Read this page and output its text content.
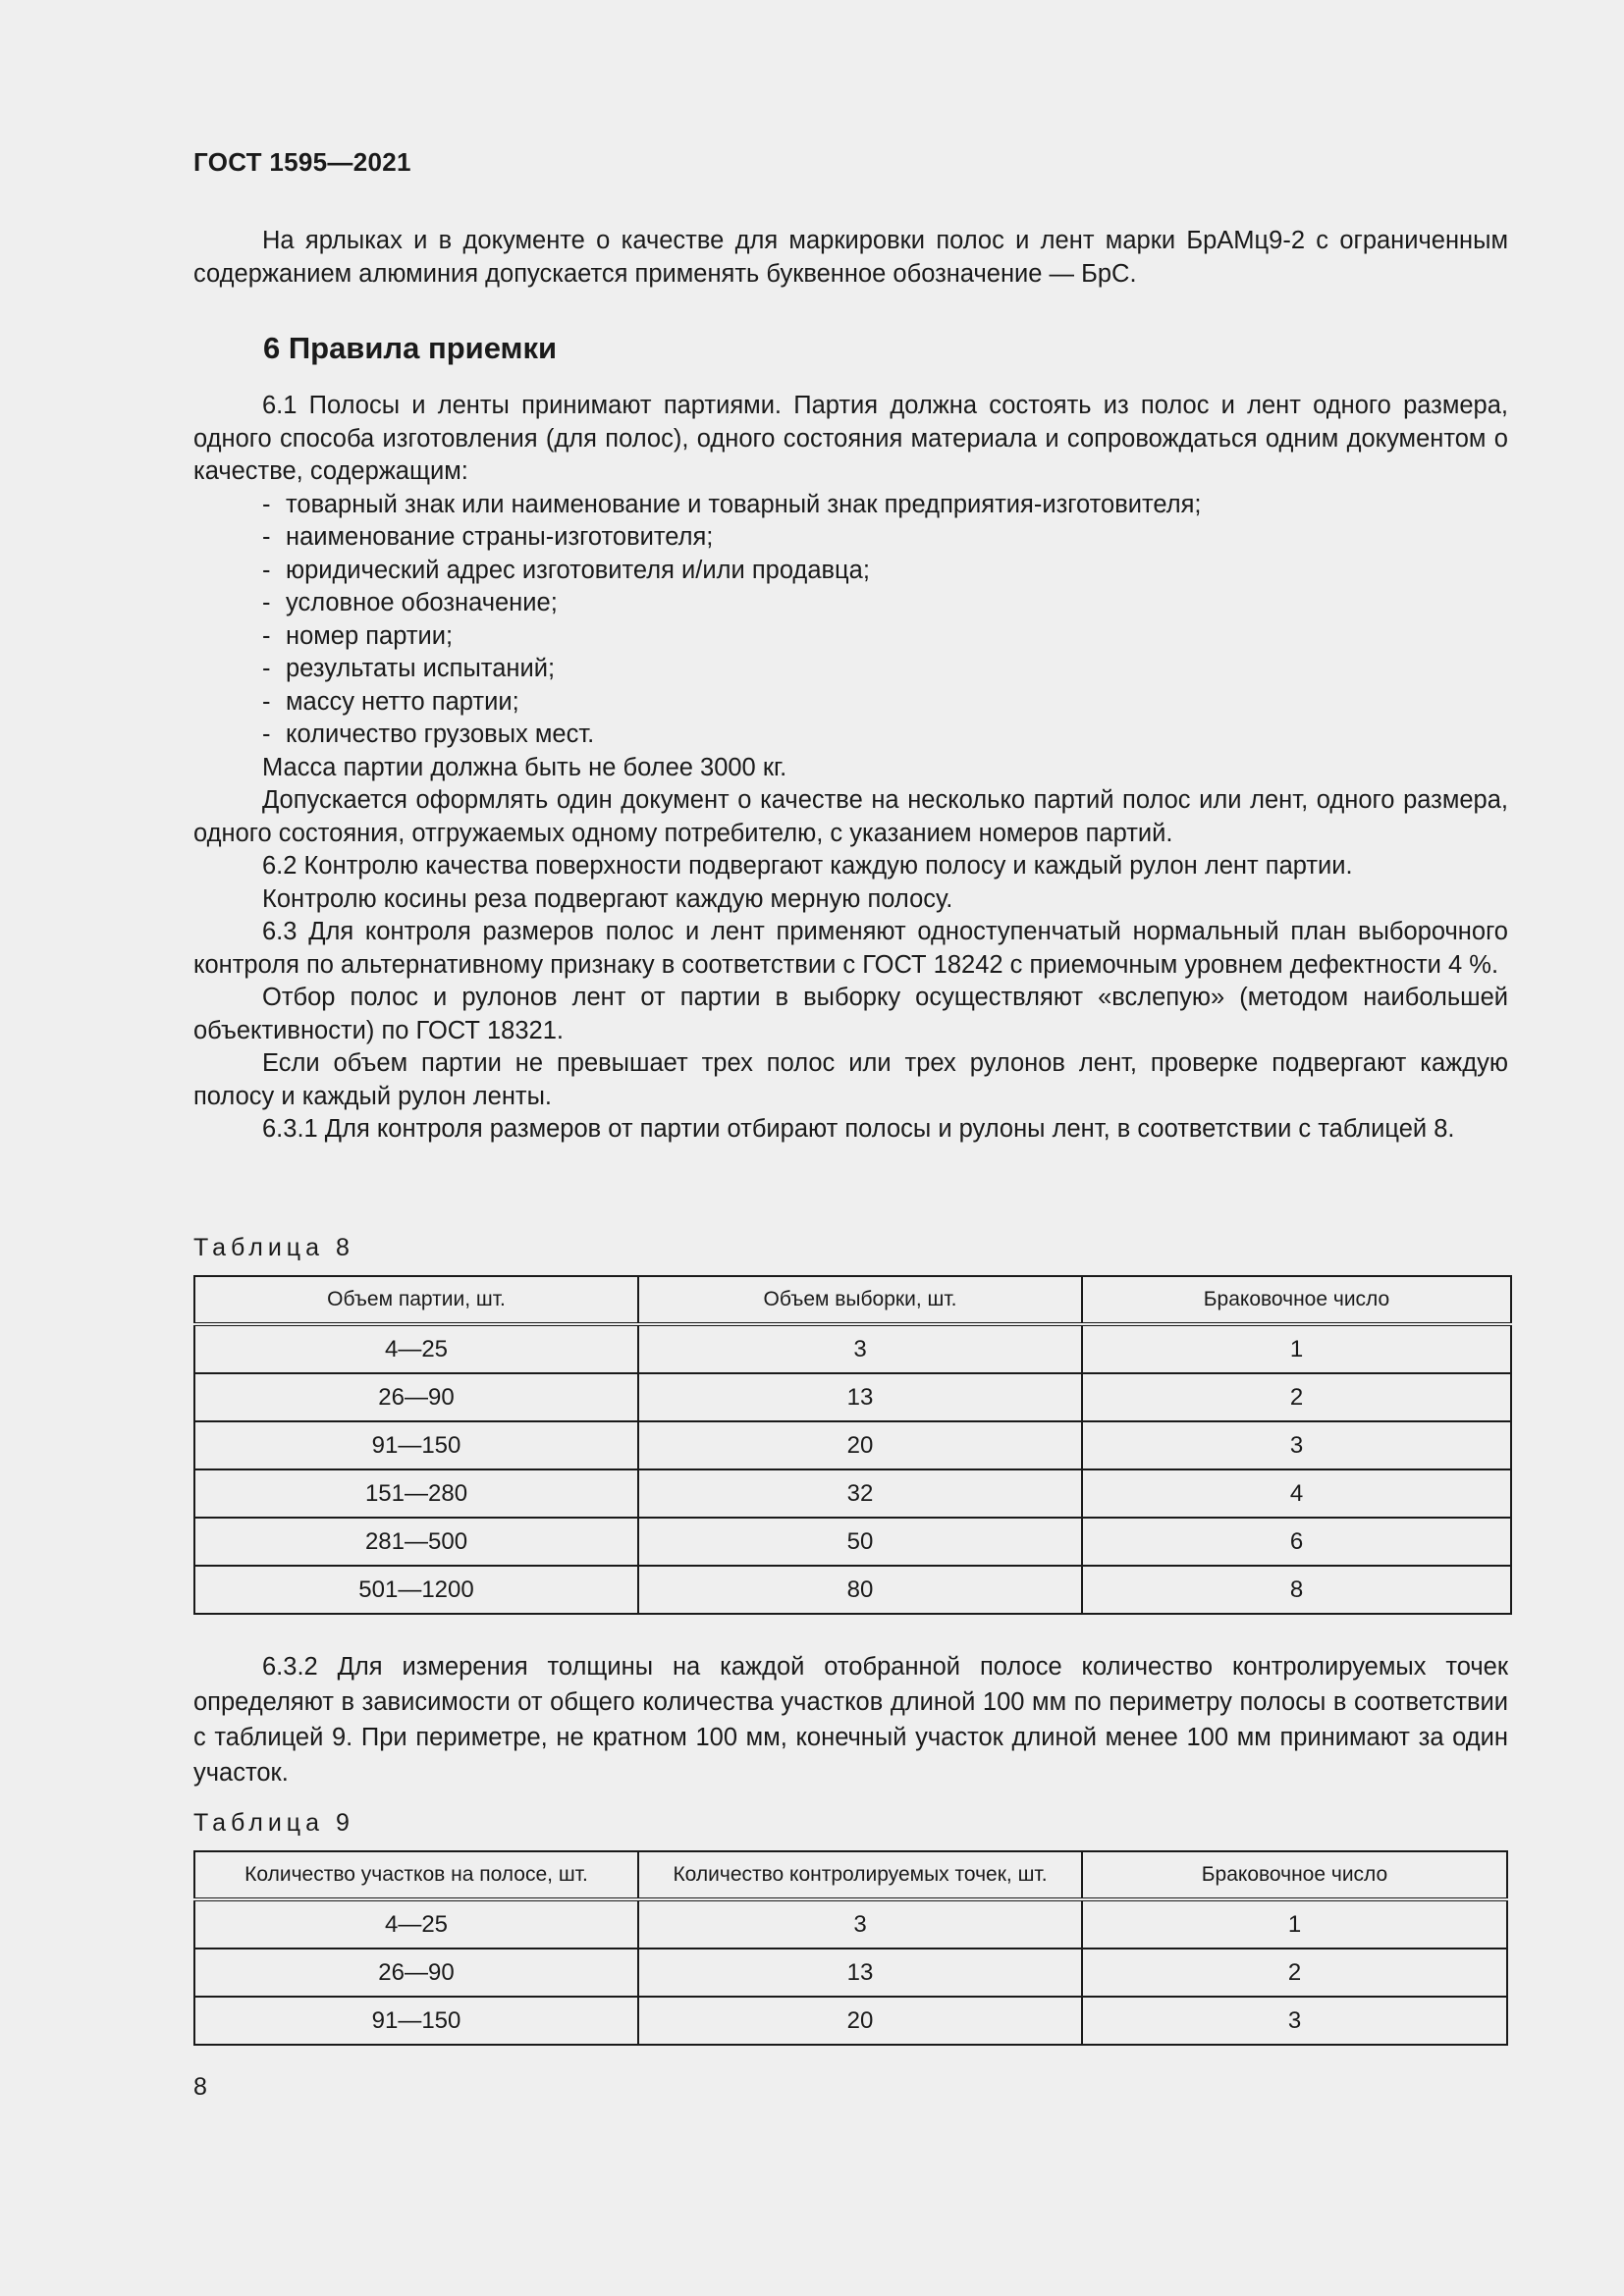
ГОСТ 1595—2021

На ярлыках и в документе о качестве для маркировки полос и лент марки БрАМц9-2 с ограниченным содержанием алюминия допускается применять буквенное обозначение — БрС.

6 Правила приемки

6.1 Полосы и ленты принимают партиями. Партия должна состоять из полос и лент одного размера, одного способа изготовления (для полос), одного состояния материала и сопровождаться одним документом о качестве, содержащим:

- товарный знак или наименование и товарный знак предприятия-изготовителя;

- наименование страны-изготовителя;

- юридический адрес изготовителя и/или продавца;

- условное обозначение;

- номер партии;

- результаты испытаний;

- массу нетто партии;

- количество грузовых мест.

Масса партии должна быть не более 3000 кг.

Допускается оформлять один документ о качестве на несколько партий полос или лент, одного размера, одного состояния, отгружаемых одному потребителю, с указанием номеров партий.

6.2 Контролю качества поверхности подвергают каждую полосу и каждый рулон лент партии.

Контролю косины реза подвергают каждую мерную полосу.

6.3 Для контроля размеров полос и лент применяют одноступенчатый нормальный план выборочного контроля по альтернативному признаку в соответствии с ГОСТ 18242 с приемочным уровнем дефектности 4 %.

Отбор полос и рулонов лент от партии в выборку осуществляют «вслепую» (методом наибольшей объективности) по ГОСТ 18321.

Если объем партии не превышает трех полос или трех рулонов лент, проверке подвергают каждую полосу и каждый рулон ленты.

6.3.1 Для контроля размеров от партии отбирают полосы и рулоны лент, в соответствии с таблицей 8.

Таблица 8
Объем партии, шт.	Объем выборки, шт.	Браковочное число
4—25	3	1
26—90	13	2
91—150	20	3
151—280	32	4
281—500	50	6
501—1200	80	8

6.3.2 Для измерения толщины на каждой отобранной полосе количество контролируемых точек определяют в зависимости от общего количества участков длиной 100 мм по периметру полосы в соответствии с таблицей 9. При периметре, не кратном 100 мм, конечный участок длиной менее 100 мм принимают за один участок.

Таблица 9
Количество участков на полосе, шт.	Количество контролируемых точек, шт.	Браковочное число
4—25	3	1
26—90	13	2
91—150	20	3
8
